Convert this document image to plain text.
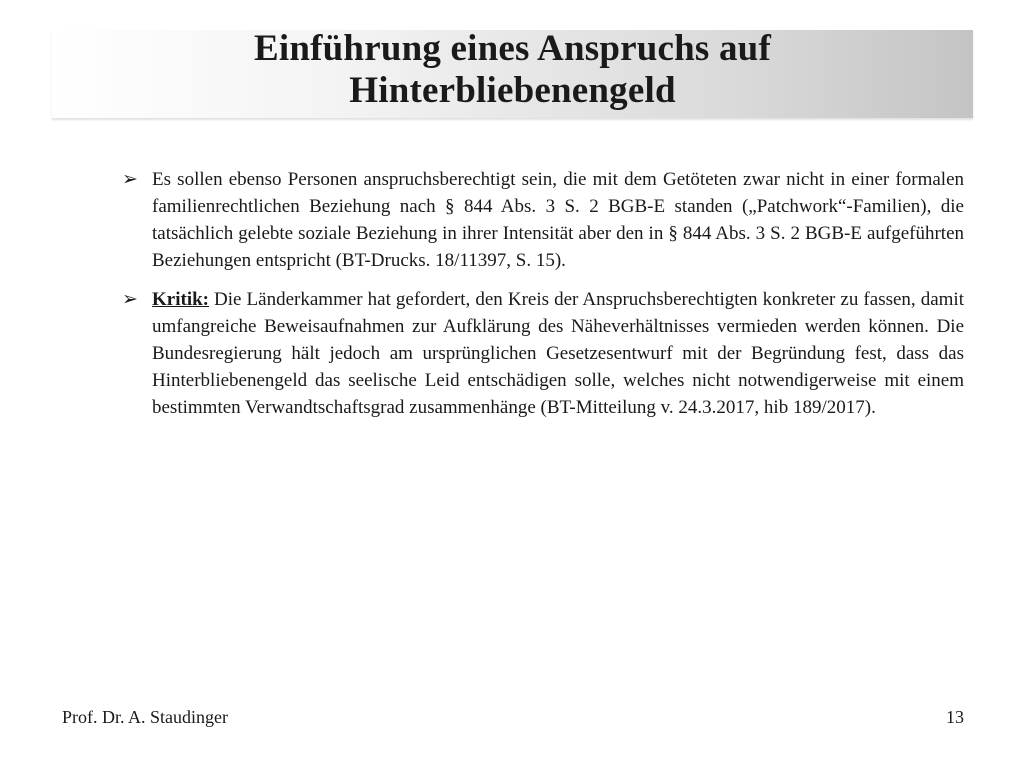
Einführung eines Anspruchs auf
Hinterbliebenengeld
➢ Es sollen ebenso Personen anspruchsberechtigt sein, die mit dem Getöteten zwar nicht in einer formalen familienrechtlichen Beziehung nach § 844 Abs. 3 S. 2 BGB-E standen („Patchwork“-Familien), die tatsächlich gelebte soziale Beziehung in ihrer Intensität aber den in § 844 Abs. 3 S. 2 BGB-E aufgeführten Beziehungen entspricht (BT-Drucks. 18/11397, S. 15).

➢ Kritik: Die Länderkammer hat gefordert, den Kreis der Anspruchsberechtigten konkreter zu fassen, damit umfangreiche Beweisaufnahmen zur Aufklärung des Näheverhältnisses vermieden werden können. Die Bundesregierung hält jedoch am ursprünglichen Gesetzesentwurf mit der Begründung fest, dass das Hinterbliebenengeld das seelische Leid entschädigen solle, welches nicht notwendigerweise mit einem bestimmten Verwandtschaftsgrad zusammenhänge (BT-Mitteilung v. 24.3.2017, hib 189/2017).

Prof. Dr. A. Staudinger	13
